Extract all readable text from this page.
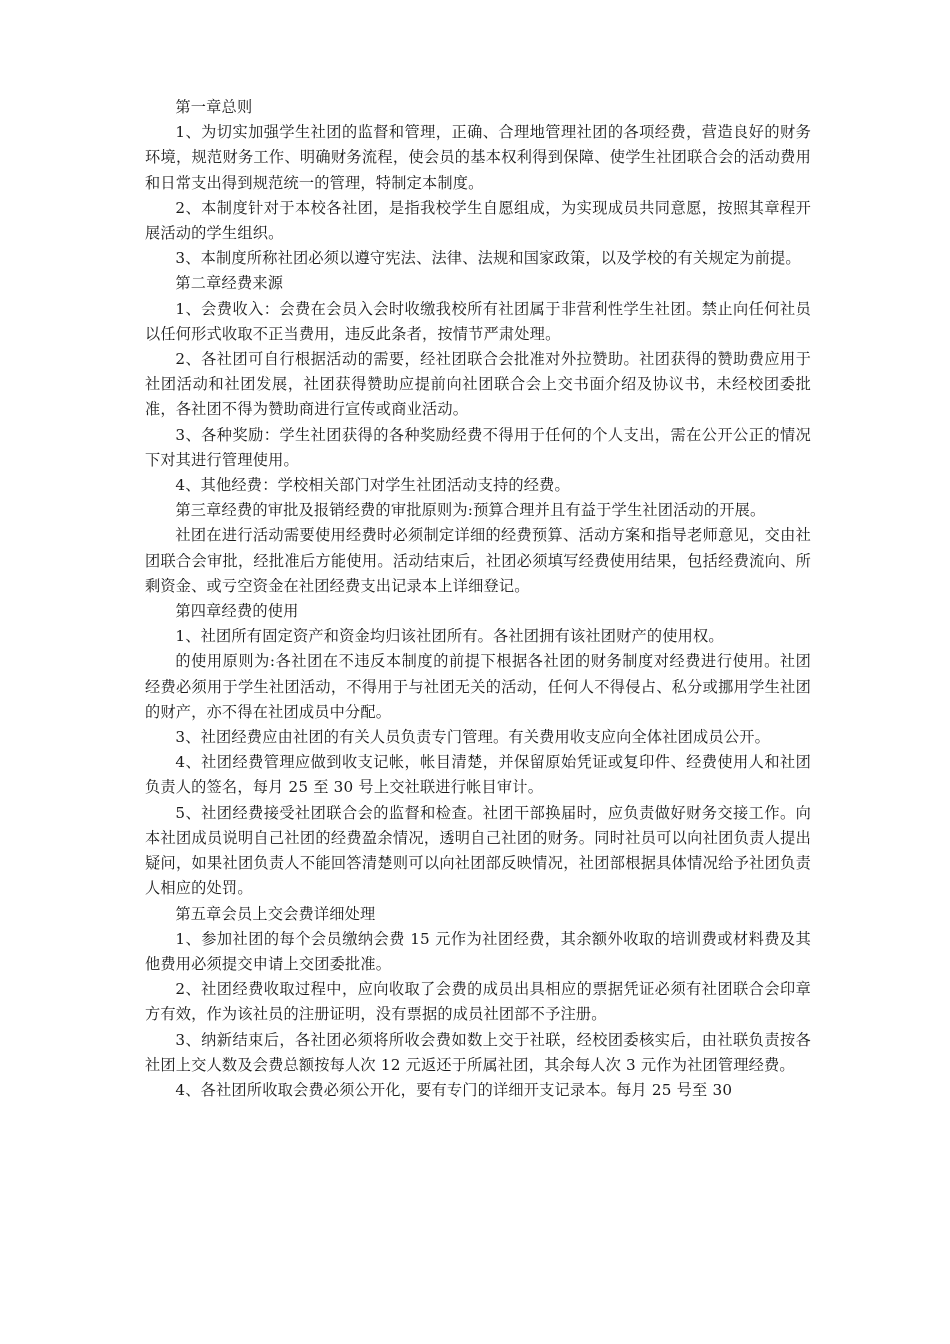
第一章总则

1、为切实加强学生社团的监督和管理，正确、合理地管理社团的各项经费，营造良好的财务环境，规范财务工作、明确财务流程，使会员的基本权利得到保障、使学生社团联合会的活动费用和日常支出得到规范统一的管理，特制定本制度。

2、本制度针对于本校各社团，是指我校学生自愿组成，为实现成员共同意愿，按照其章程开展活动的学生组织。

3、本制度所称社团必须以遵守宪法、法律、法规和国家政策，以及学校的有关规定为前提。

第二章经费来源

1、会费收入：会费在会员入会时收缴我校所有社团属于非营利性学生社团。禁止向任何社员以任何形式收取不正当费用，违反此条者，按情节严肃处理。

2、各社团可自行根据活动的需要，经社团联合会批准对外拉赞助。社团获得的赞助费应用于社团活动和社团发展，社团获得赞助应提前向社团联合会上交书面介绍及协议书，未经校团委批准，各社团不得为赞助商进行宣传或商业活动。

3、各种奖励：学生社团获得的各种奖励经费不得用于任何的个人支出，需在公开公正的情况下对其进行管理使用。

4、其他经费：学校相关部门对学生社团活动支持的经费。

第三章经费的审批及报销经费的审批原则为:预算合理并且有益于学生社团活动的开展。

社团在进行活动需要使用经费时必须制定详细的经费预算、活动方案和指导老师意见，交由社团联合会审批，经批准后方能使用。活动结束后，社团必须填写经费使用结果，包括经费流向、所剩资金、或亏空资金在社团经费支出记录本上详细登记。

第四章经费的使用

1、社团所有固定资产和资金均归该社团所有。各社团拥有该社团财产的使用权。

的使用原则为:各社团在不违反本制度的前提下根据各社团的财务制度对经费进行使用。社团经费必须用于学生社团活动，不得用于与社团无关的活动，任何人不得侵占、私分或挪用学生社团的财产，亦不得在社团成员中分配。

3、社团经费应由社团的有关人员负责专门管理。有关费用收支应向全体社团成员公开。

4、社团经费管理应做到收支记帐，帐目清楚，并保留原始凭证或复印件、经费使用人和社团负责人的签名，每月 25 至 30 号上交社联进行帐目审计。

5、社团经费接受社团联合会的监督和检查。社团干部换届时，应负责做好财务交接工作。向本社团成员说明自己社团的经费盈余情况，透明自己社团的财务。同时社员可以向社团负责人提出疑问，如果社团负责人不能回答清楚则可以向社团部反映情况，社团部根据具体情况给予社团负责人相应的处罚。

第五章会员上交会费详细处理

1、参加社团的每个会员缴纳会费 15 元作为社团经费，其余额外收取的培训费或材料费及其他费用必须提交申请上交团委批准。

2、社团经费收取过程中，应向收取了会费的成员出具相应的票据凭证必须有社团联合会印章方有效，作为该社员的注册证明，没有票据的成员社团部不予注册。

3、纳新结束后，各社团必须将所收会费如数上交于社联，经校团委核实后，由社联负责按各社团上交人数及会费总额按每人次 12 元返还于所属社团，其余每人次 3 元作为社团管理经费。

4、各社团所收取会费必须公开化，要有专门的详细开支记录本。每月 25 号至 30
